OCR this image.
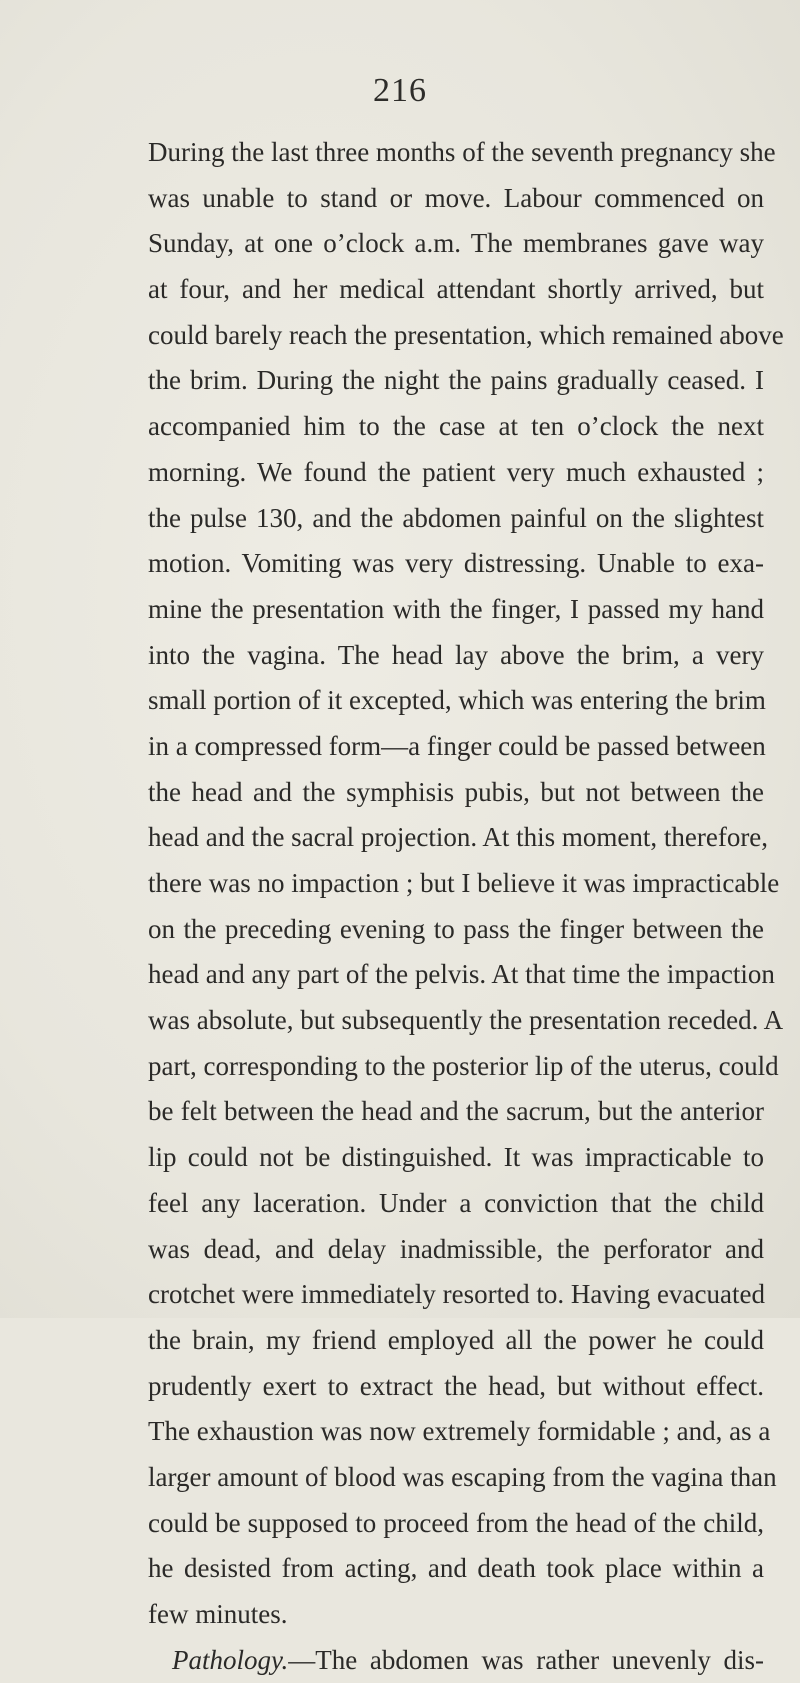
216
During the last three months of the seventh pregnancy she
was unable to stand or move. Labour commenced on
Sunday, at one o’clock a.m. The membranes gave way
at four, and her medical attendant shortly arrived, but
could barely reach the presentation, which remained above
the brim. During the night the pains gradually ceased. I
accompanied him to the case at ten o’clock the next
morning. We found the patient very much exhausted ;
the pulse 130, and the abdomen painful on the slightest
motion. Vomiting was very distressing. Unable to exa-
mine the presentation with the finger, I passed my hand
into the vagina. The head lay above the brim, a very
small portion of it excepted, which was entering the brim
in a compressed form—a finger could be passed between
the head and the symphisis pubis, but not between the
head and the sacral projection. At this moment, therefore,
there was no impaction ; but I believe it was impracticable
on the preceding evening to pass the finger between the
head and any part of the pelvis. At that time the impaction
was absolute, but subsequently the presentation receded. A
part, corresponding to the posterior lip of the uterus, could
be felt between the head and the sacrum, but the anterior
lip could not be distinguished. It was impracticable to
feel any laceration. Under a conviction that the child
was dead, and delay inadmissible, the perforator and
crotchet were immediately resorted to. Having evacuated
the brain, my friend employed all the power he could
prudently exert to extract the head, but without effect.
The exhaustion was now extremely formidable ; and, as a
larger amount of blood was escaping from the vagina than
could be supposed to proceed from the head of the child,
he desisted from acting, and death took place within a
few minutes.
Pathology.—The abdomen was rather unevenly dis-
